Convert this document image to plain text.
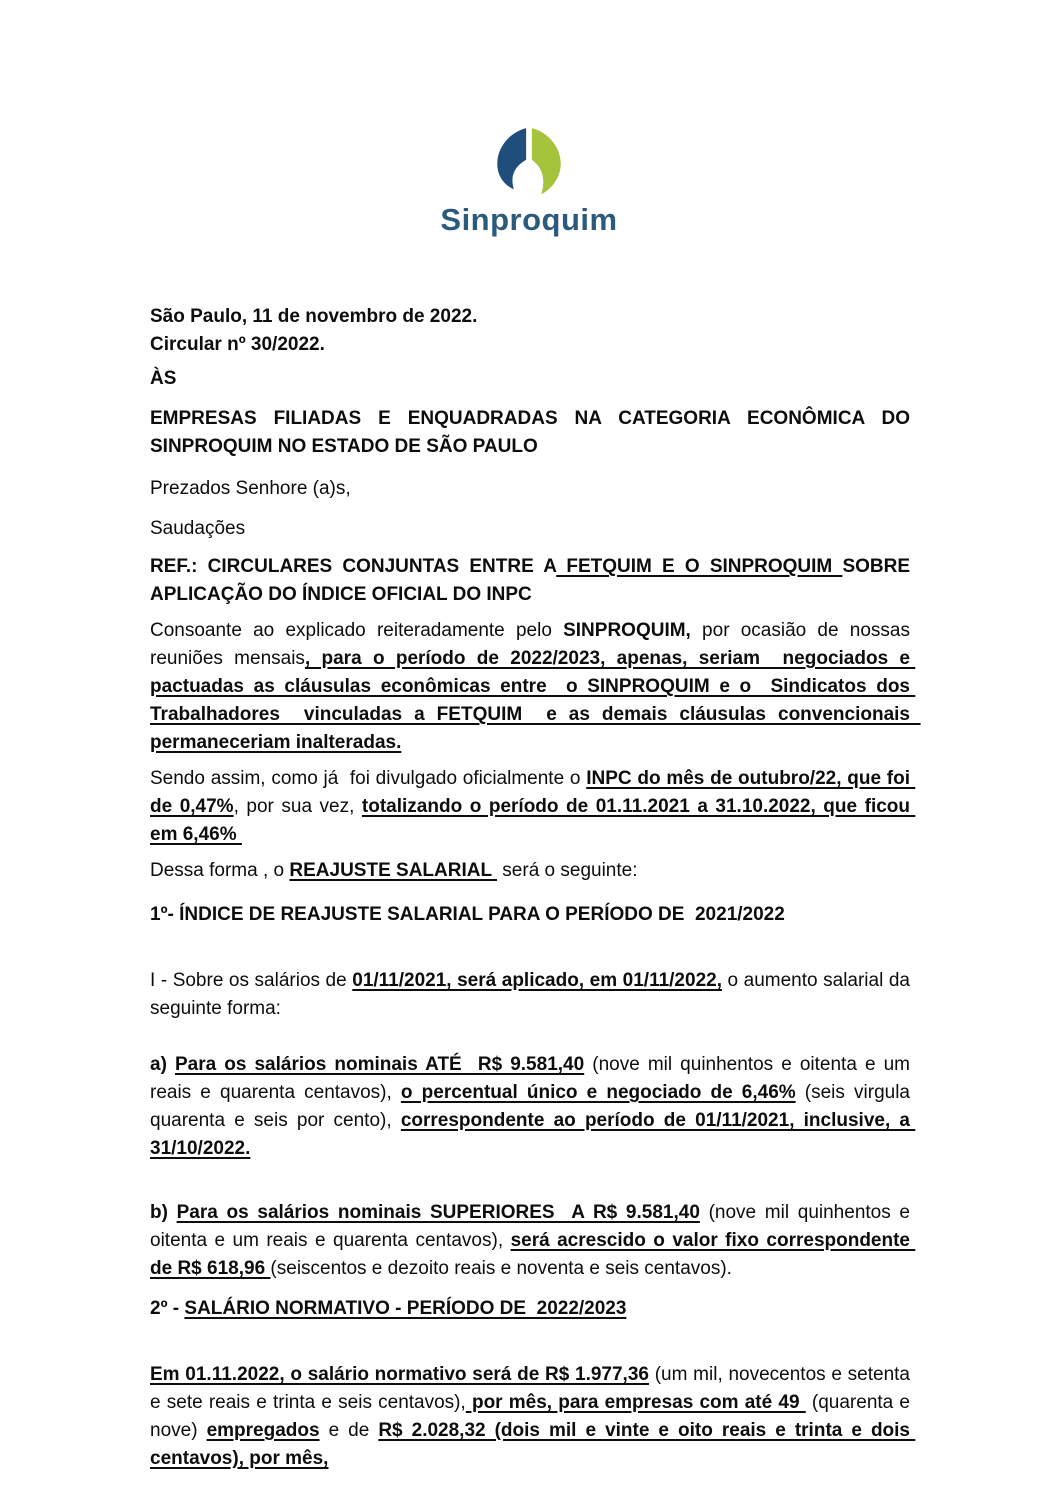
Sinproquim
São Paulo, 11 de novembro de 2022.
Circular nº 30/2022.
ÀS
EMPRESAS FILIADAS E ENQUADRADAS NA CATEGORIA ECONÔMICA DO SINPROQUIM NO ESTADO DE SÃO PAULO
Prezados Senhore (a)s,
Saudações
REF.: CIRCULARES CONJUNTAS ENTRE A FETQUIM E O SINPROQUIM SOBRE APLICAÇÃO DO ÍNDICE OFICIAL DO INPC
Consoante ao explicado reiteradamente pelo SINPROQUIM, por ocasião de nossas reuniões mensais, para o período de 2022/2023, apenas, seriam  negociados e pactuadas as cláusulas econômicas entre  o SINPROQUIM e o  Sindicatos dos Trabalhadores  vinculadas a FETQUIM  e as demais cláusulas convencionais  permaneceriam inalteradas.
Sendo assim, como já  foi divulgado oficialmente o INPC do mês de outubro/22, que foi de 0,47%, por sua vez, totalizando o período de 01.11.2021 a 31.10.2022, que ficou em 6,46%
Dessa forma , o REAJUSTE SALARIAL  será o seguinte:
1º- ÍNDICE DE REAJUSTE SALARIAL PARA O PERÍODO DE  2021/2022
I - Sobre os salários de 01/11/2021, será aplicado, em 01/11/2022, o aumento salarial da seguinte forma:
a) Para os salários nominais ATÉ  R$ 9.581,40 (nove mil quinhentos e oitenta e um reais e quarenta centavos), o percentual único e negociado de 6,46% (seis virgula quarenta e seis por cento), correspondente ao período de 01/11/2021, inclusive, a 31/10/2022.
b) Para os salários nominais SUPERIORES  A R$ 9.581,40 (nove mil quinhentos e oitenta e um reais e quarenta centavos), será acrescido o valor fixo correspondente de R$ 618,96 (seiscentos e dezoito reais e noventa e seis centavos).
2º - SALÁRIO NORMATIVO - PERÍODO DE  2022/2023
Em 01.11.2022, o salário normativo será de R$ 1.977,36 (um mil, novecentos e setenta e sete reais e trinta e seis centavos), por mês, para empresas com até 49  (quarenta e nove) empregados e de R$ 2.028,32 (dois mil e vinte e oito reais e trinta e dois centavos), por mês,
